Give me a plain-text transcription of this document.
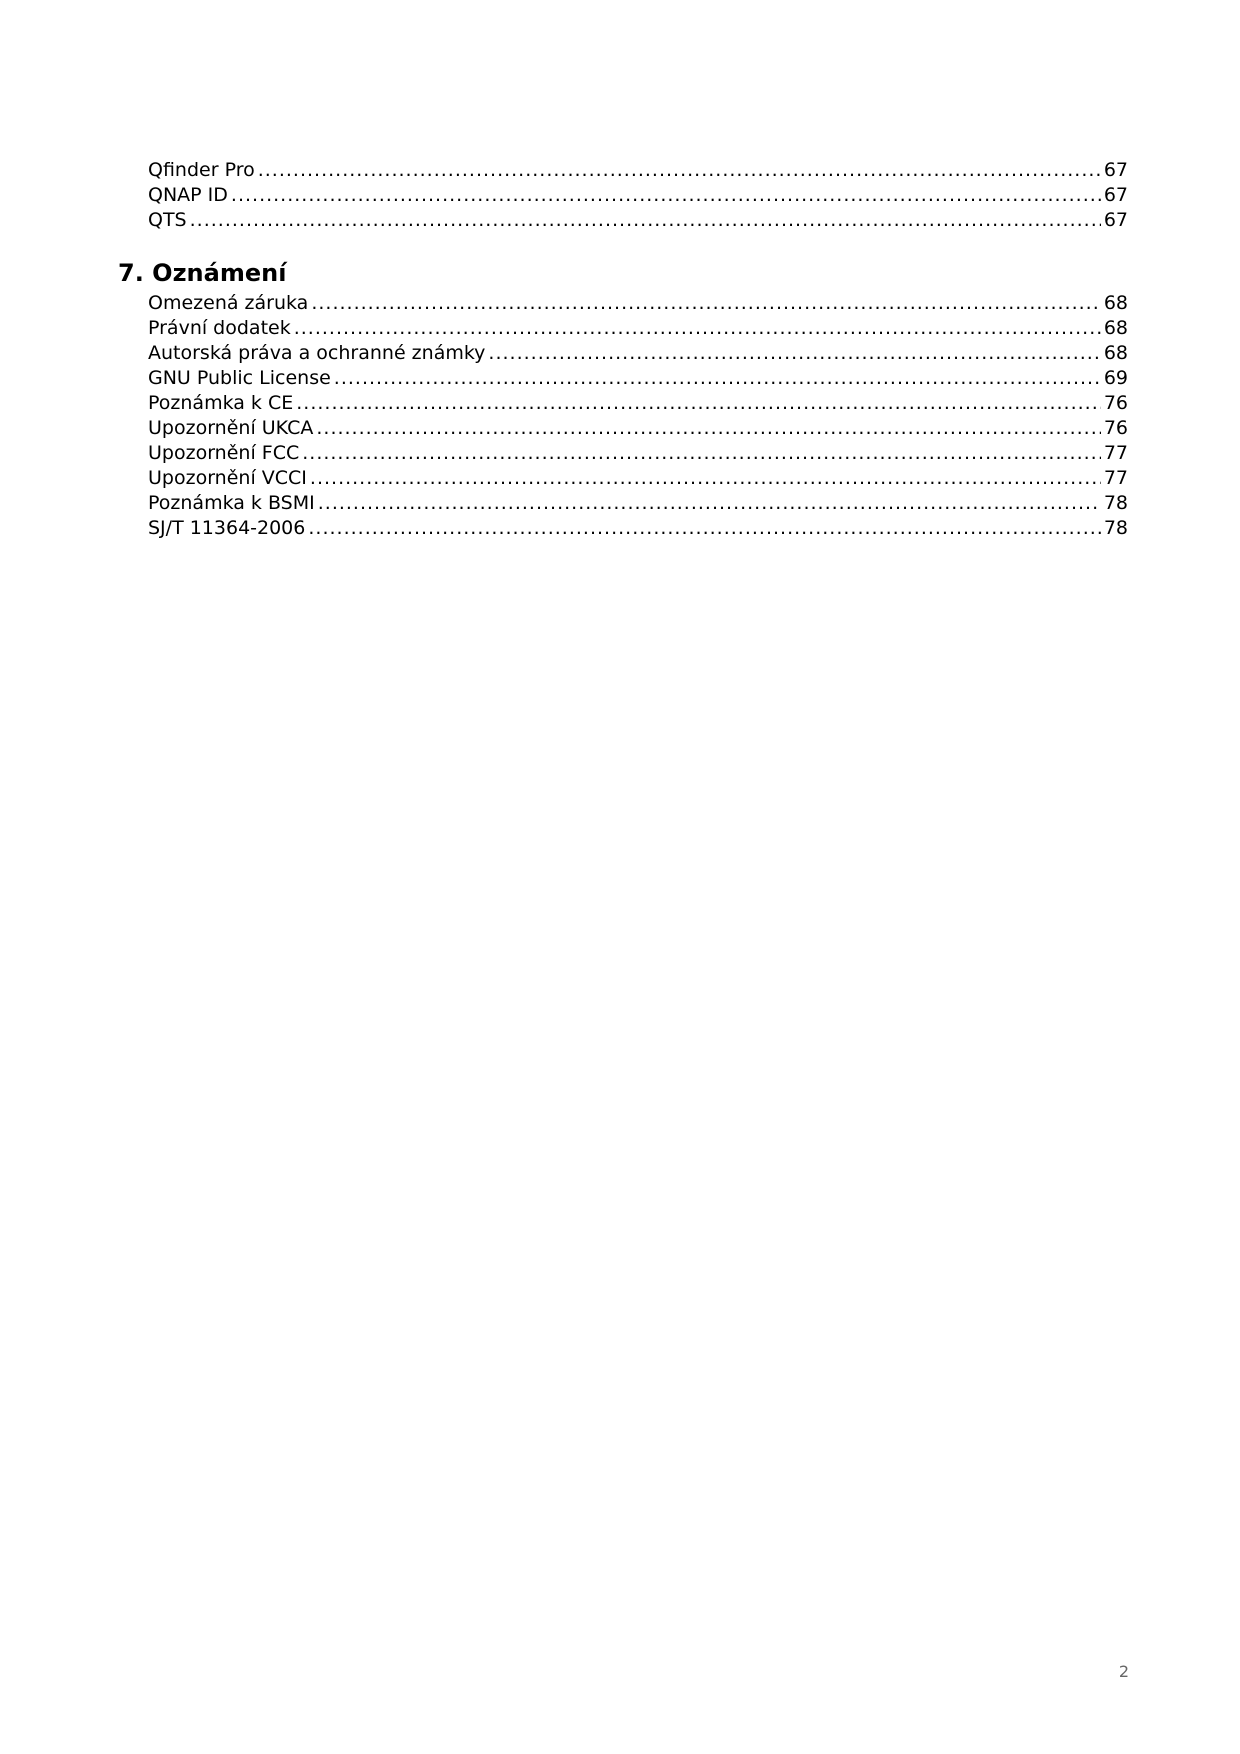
Qfinder Pro .....	67
QNAP ID .....	67
QTS .....	67
7. Oznámení
Omezená záruka .....	68
Právní dodatek .....	68
Autorská práva a ochranné známky .....	68
GNU Public License .....	69
Poznámka k CE .....	76
Upozornění UKCA .....	76
Upozornění FCC .....	77
Upozornění VCCI .....	77
Poznámka k BSMI .....	78
SJ/T 11364-2006 .....	78
2
